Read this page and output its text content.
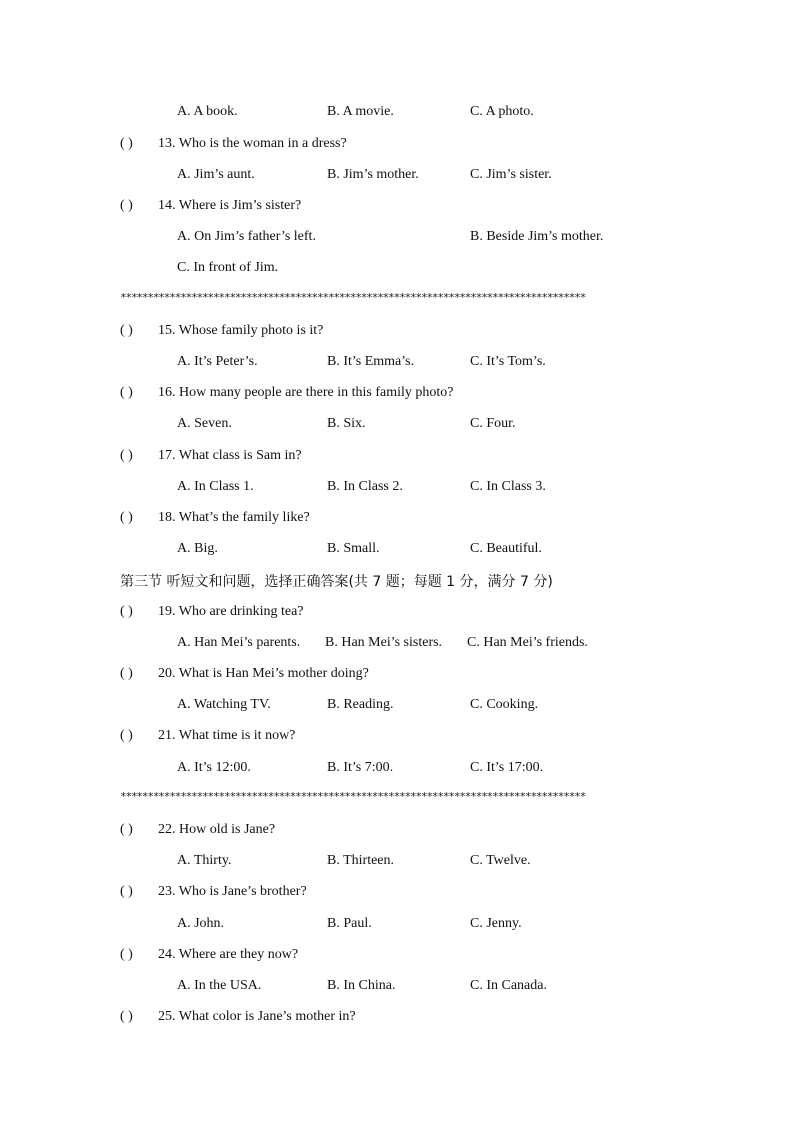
A. A book.	B. A movie.	C. A photo.
( ) 13. Who is the woman in a dress?
A. Jim’s aunt.	B. Jim’s mother.	C. Jim’s sister.
( ) 14. Where is Jim’s sister?
A. On Jim’s father’s left.	B. Beside Jim’s mother.
C. In front of Jim.
*************************************************************************************
( ) 15. Whose family photo is it?
A. It’s Peter’s.	B. It’s Emma’s.	C. It’s Tom’s.
( ) 16. How many people are there in this family photo?
A. Seven.	B. Six.	C. Four.
( ) 17. What class is Sam in?
A. In Class 1.	B. In Class 2.	C. In Class 3.
( ) 18. What’s the family like?
A. Big.	B. Small.	C. Beautiful.
第三节 听短文和问题，选择正确答案(共 7 题；每题 1 分，满分 7 分)
( ) 19. Who are drinking tea?
A. Han Mei’s parents. B. Han Mei’s sisters. C. Han Mei’s friends.
( ) 20. What is Han Mei’s mother doing?
A. Watching TV.	B. Reading.	C. Cooking.
( ) 21. What time is it now?
A. It’s 12:00.	B. It’s 7:00.	C. It’s 17:00.
*************************************************************************************
( ) 22. How old is Jane?
A. Thirty.	B. Thirteen.	C. Twelve.
( ) 23. Who is Jane’s brother?
A. John.	B. Paul.	C. Jenny.
( ) 24. Where are they now?
A. In the USA.	B. In China.	C. In Canada.
( ) 25. What color is Jane’s mother in?
